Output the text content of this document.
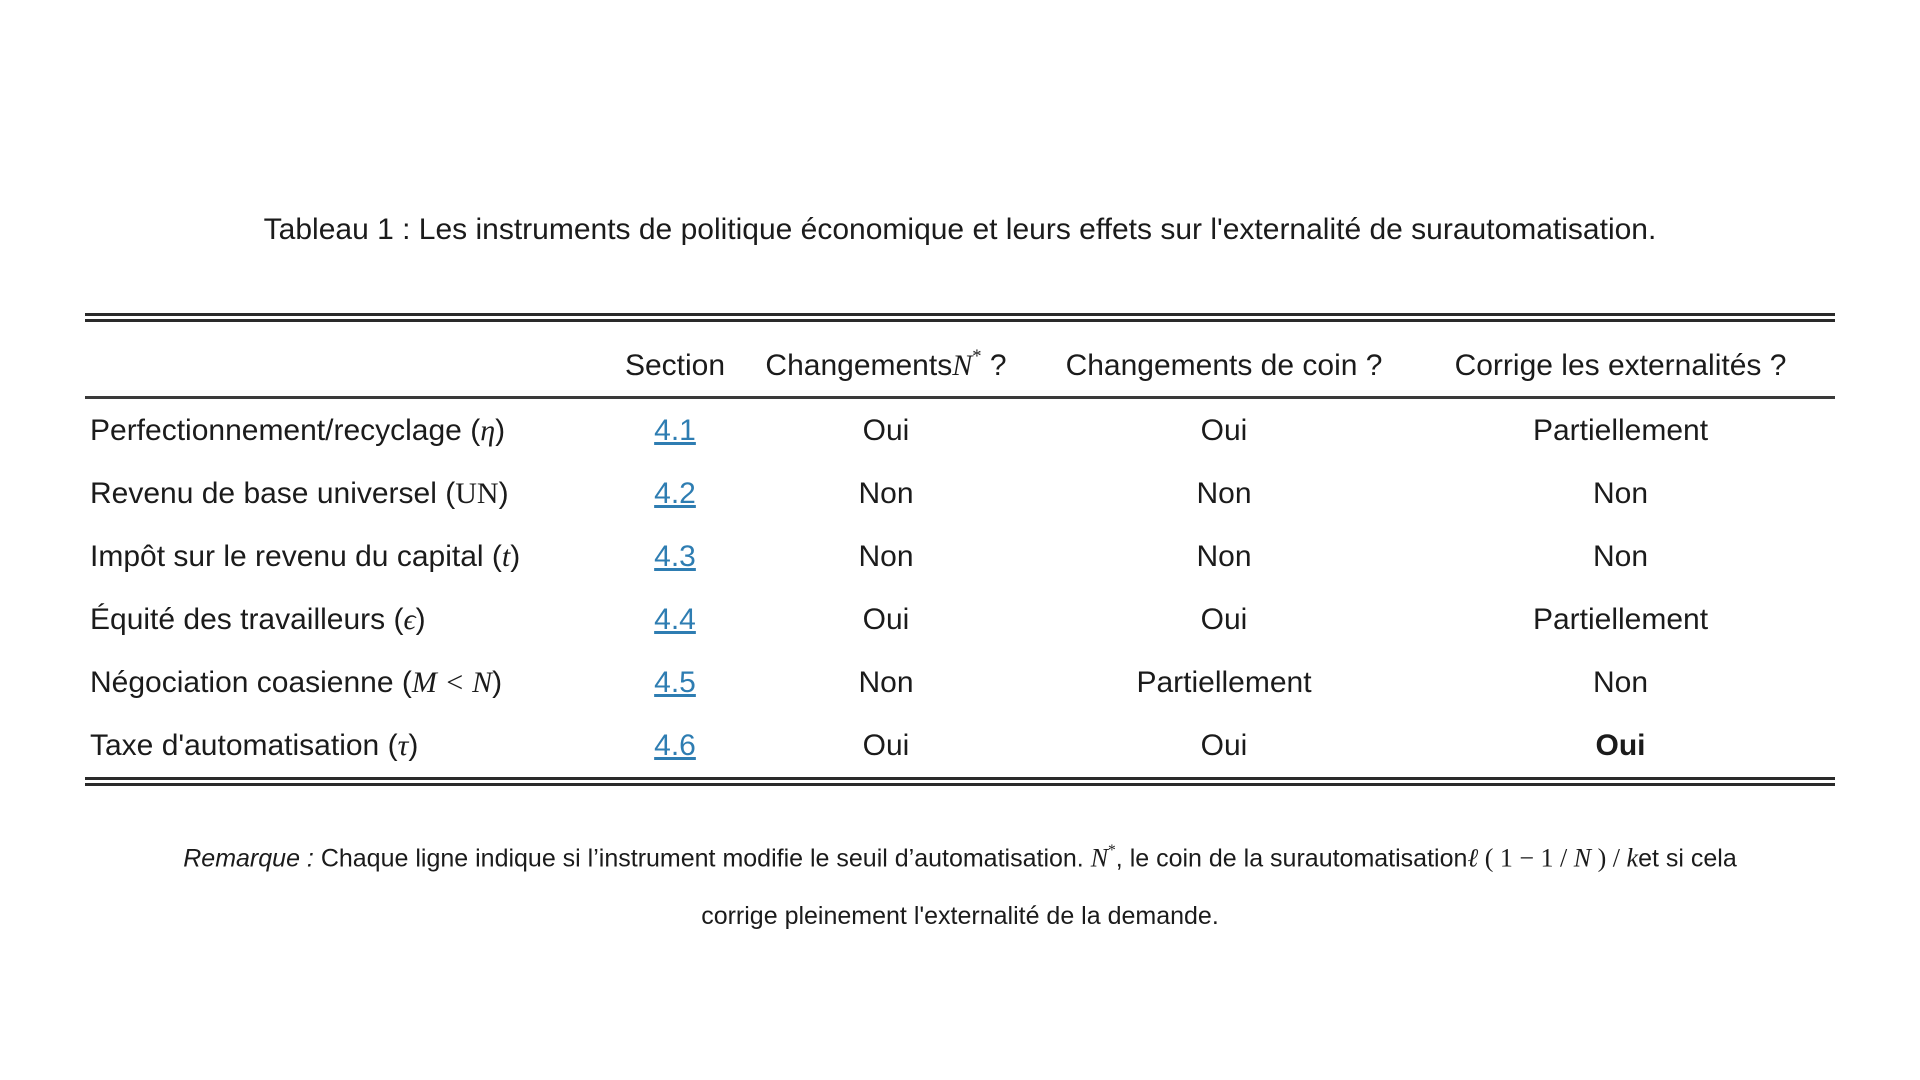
Tableau 1 : Les instruments de politique économique et leurs effets sur l'externalité de surautomatisation.
	Section	ChangementsN* ?	Changements de coin ?	Corrige les externalités ?
Perfectionnement/recyclage (η)	4.1	Oui	Oui	Partiellement
Revenu de base universel (UN)	4.2	Non	Non	Non
Impôt sur le revenu du capital (t)	4.3	Non	Non	Non
Équité des travailleurs (ϵ)	4.4	Oui	Oui	Partiellement
Négociation coasienne (M < N)	4.5	Non	Partiellement	Non
Taxe d'automatisation (τ)	4.6	Oui	Oui	Oui
Remarque : Chaque ligne indique si l’instrument modifie le seuil d’automatisation. N*, le coin de la surautomatisationℓ ( 1 − 1 / N ) / ket si cela
corrige pleinement l'externalité de la demande.
